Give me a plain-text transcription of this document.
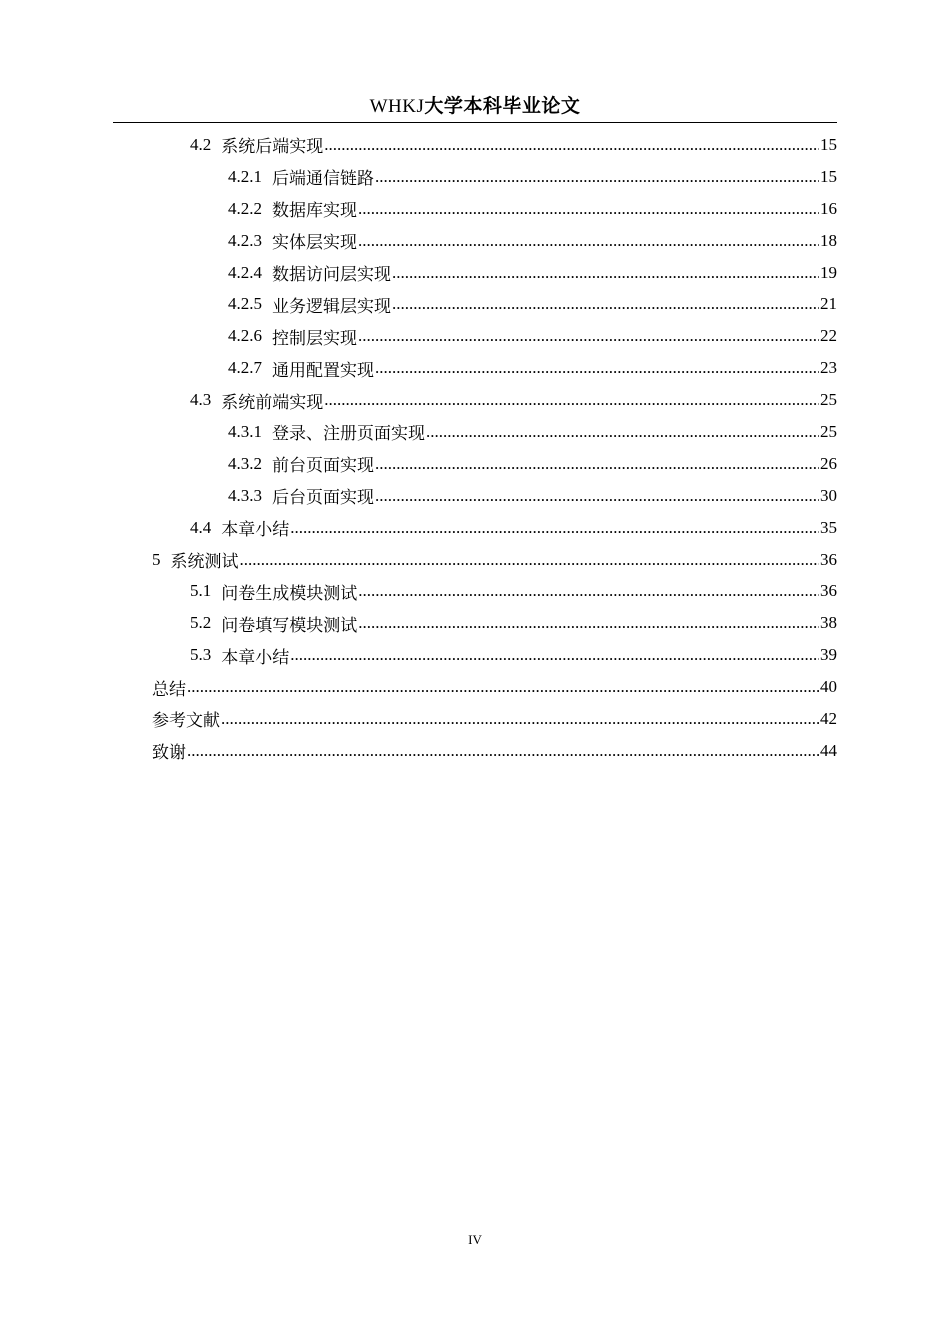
WHKJ大学本科毕业论文
4.2 系统后端实现 .....	15
4.2.1 后端通信链路 .....	15
4.2.2 数据库实现 .....	16
4.2.3 实体层实现 .....	18
4.2.4 数据访问层实现 .....	19
4.2.5 业务逻辑层实现 .....	21
4.2.6 控制层实现 .....	22
4.2.7 通用配置实现 .....	23
4.3 系统前端实现 .....	25
4.3.1 登录、注册页面实现 .....	25
4.3.2 前台页面实现 .....	26
4.3.3 后台页面实现 .....	30
4.4 本章小结 .....	35
5 系统测试 .....	36
5.1 问卷生成模块测试 .....	36
5.2 问卷填写模块测试 .....	38
5.3 本章小结 .....	39
总结 .....	40
参考文献 .....	42
致谢 .....	44
IV
